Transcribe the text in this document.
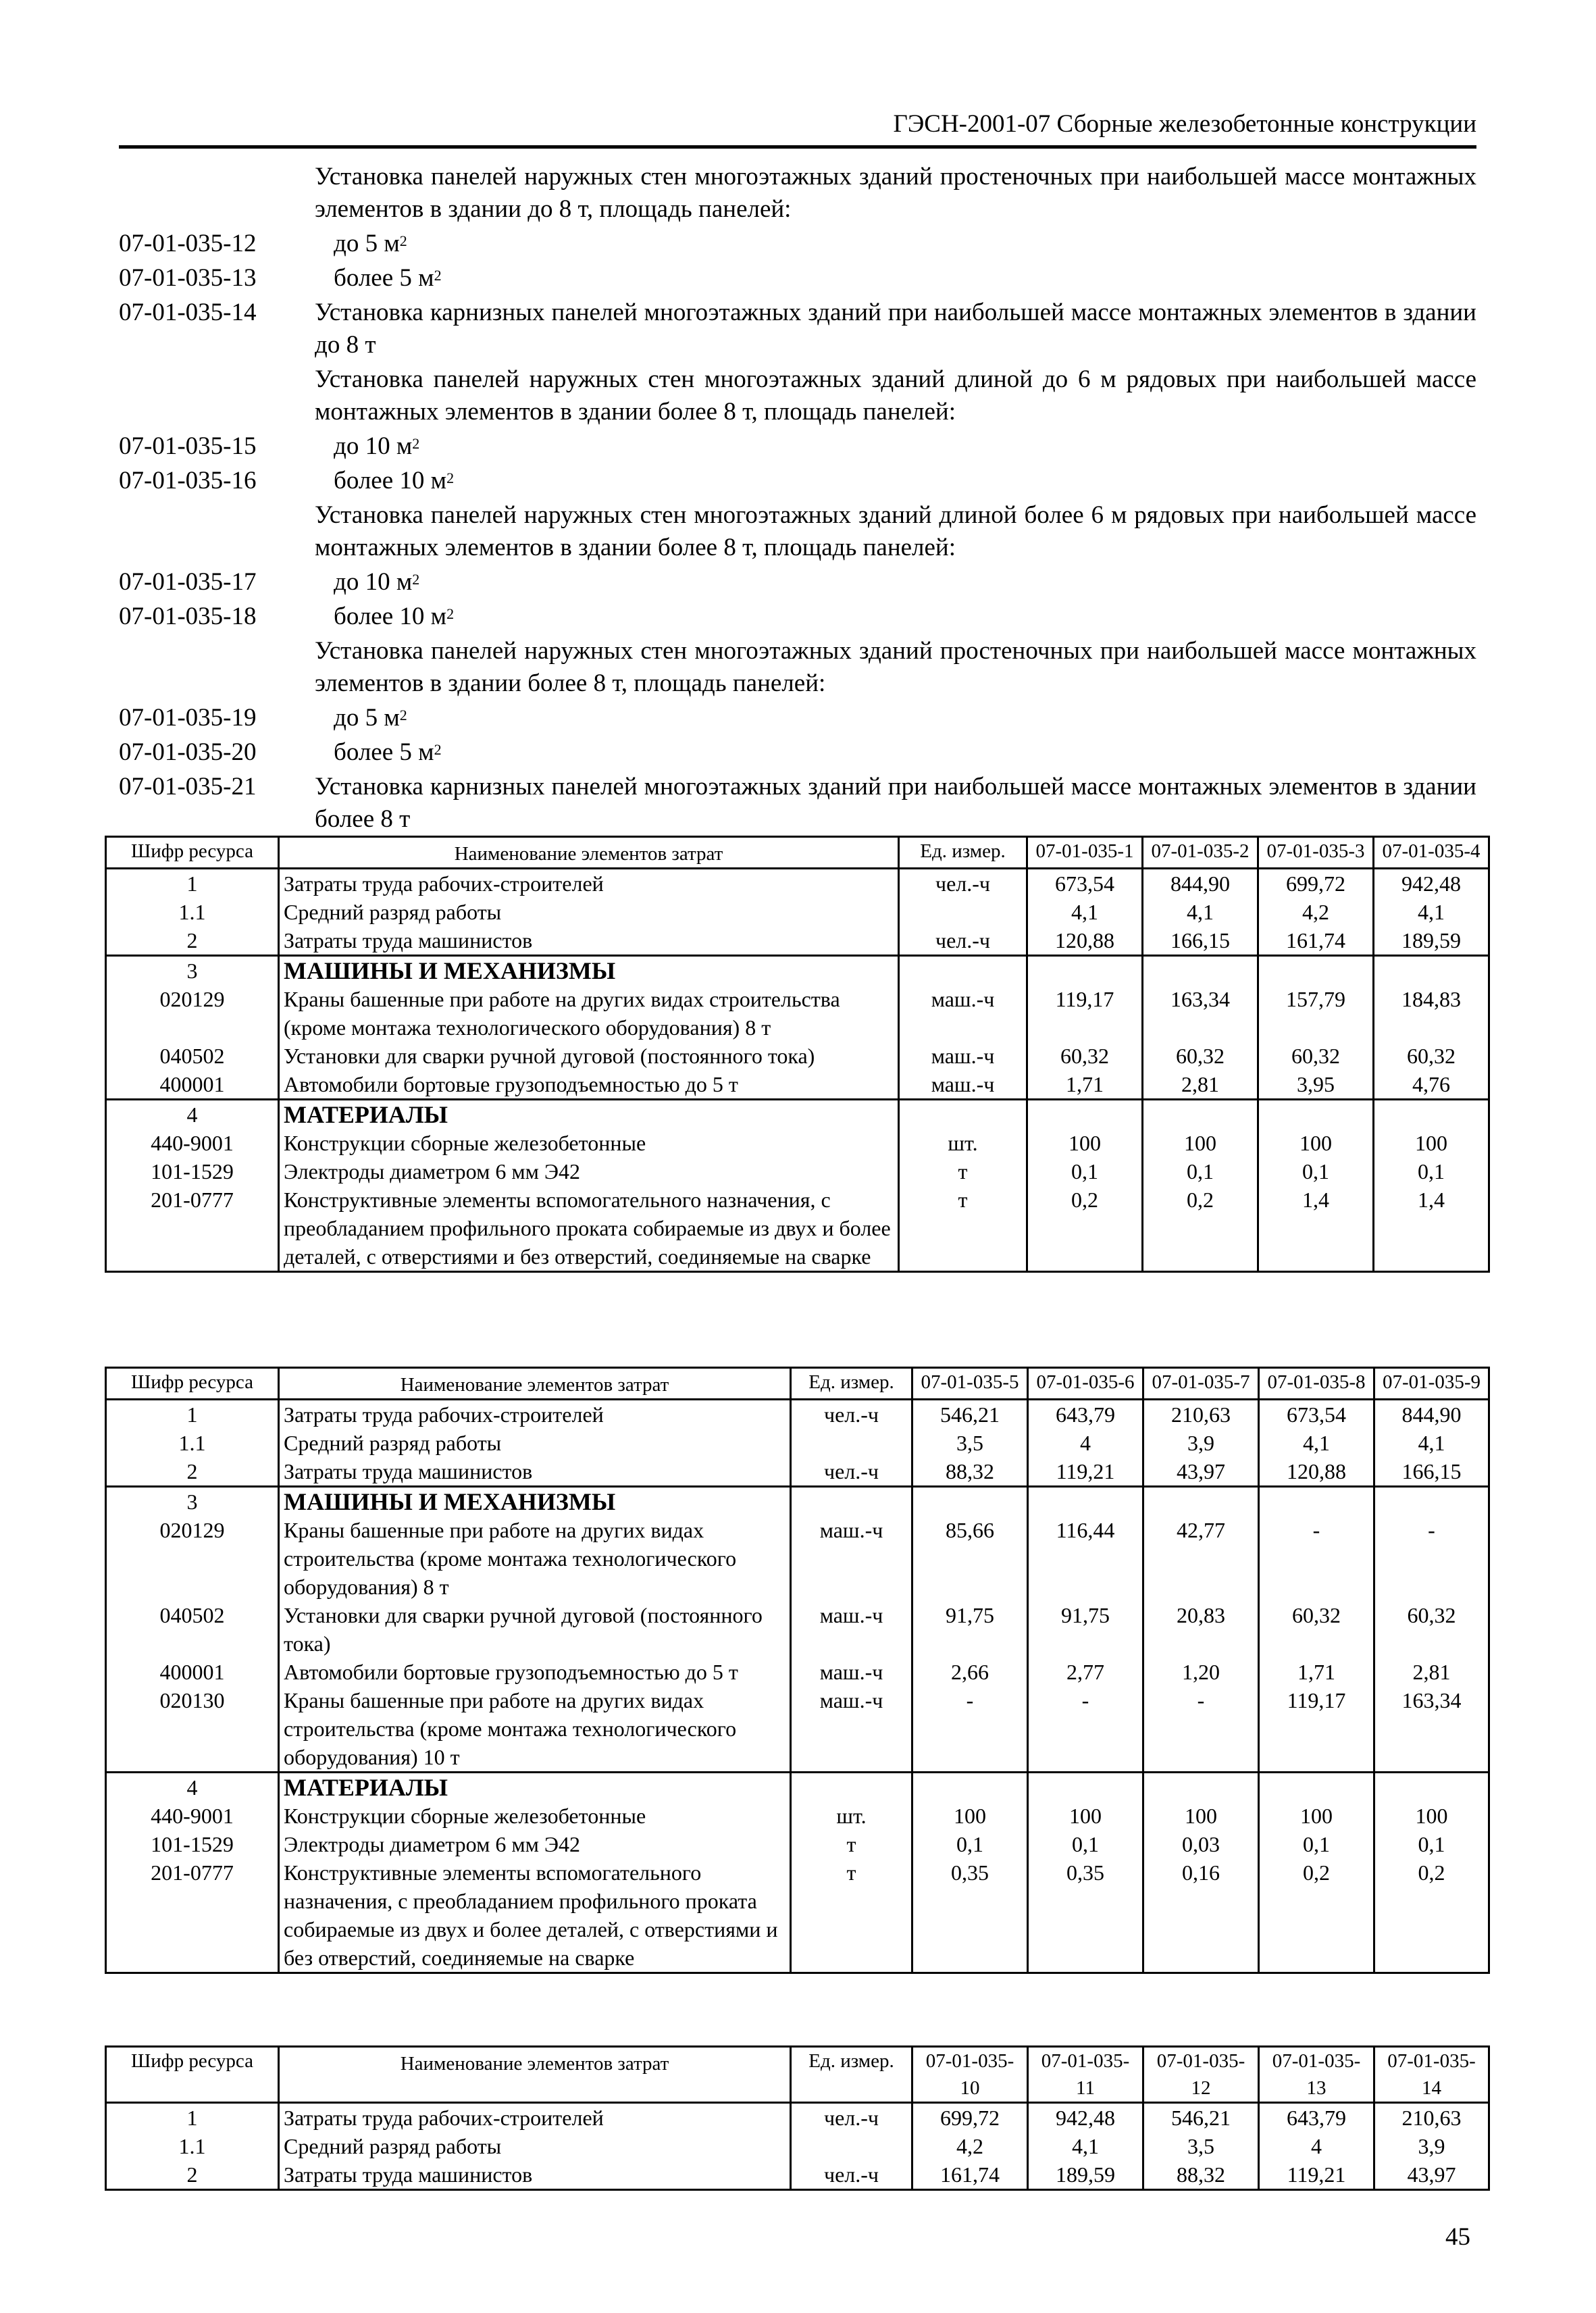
ГЭСН-2001-07 Сборные железобетонные конструкции
Установка панелей наружных стен многоэтажных зданий простеночных при наибольшей массе монтажных элементов в здании до 8 т, площадь панелей:
07-01-035-12	до 5 $м^2$
07-01-035-13	более 5 $м^2$
07-01-035-14	Установка карнизных панелей многоэтажных зданий при наибольшей массе монтажных элементов в здании до 8 т
Установка панелей наружных стен многоэтажных зданий длиной до 6 м рядовых при наибольшей массе монтажных элементов в здании более 8 т, площадь панелей:
07-01-035-15	до 10 $м^2$
07-01-035-16	более 10 $м^2$
Установка панелей наружных стен многоэтажных зданий длиной более 6 м рядовых при наибольшей массе монтажных элементов в здании более 8 т, площадь панелей:
07-01-035-17	до 10 $м^2$
07-01-035-18	более 10 $м^2$
Установка панелей наружных стен многоэтажных зданий простеночных при наибольшей массе монтажных элементов в здании более 8 т, площадь панелей:
07-01-035-19	до 5 $м^2$
07-01-035-20	более 5 $м^2$
07-01-035-21	Установка карнизных панелей многоэтажных зданий при наибольшей массе монтажных элементов в здании более 8 т
Шифр ресурса	Наименование элементов затрат	Ед. измер.	07-01-035-1	07-01-035-2	07-01-035-3	07-01-035-4
1	Затраты труда рабочих-строителей	чел.-ч	673,54	844,90	699,72	942,48
1.1	Средний разряд работы		4,1	4,1	4,2	4,1
2	Затраты труда машинистов	чел.-ч	120,88	166,15	161,74	189,59
3	МАШИНЫ И МЕХАНИЗМЫ					
020129	Краны башенные при работе на других видах строительства (кроме монтажа технологического оборудования) 8 т	маш.-ч	119,17	163,34	157,79	184,83
040502	Установки для сварки ручной дуговой (постоянного тока)	маш.-ч	60,32	60,32	60,32	60,32
400001	Автомобили бортовые грузоподъемностью до 5 т	маш.-ч	1,71	2,81	3,95	4,76
4	МАТЕРИАЛЫ					
440-9001	Конструкции сборные железобетонные	шт.	100	100	100	100
101-1529	Электроды диаметром 6 мм Э42	т	0,1	0,1	0,1	0,1
201-0777	Конструктивные элементы вспомогательного назначения, с преобладанием профильного проката собираемые из двух и более деталей, с отверстиями и без отверстий, соединяемые на сварке	т	0,2	0,2	1,4	1,4
Шифр ресурса	Наименование элементов затрат	Ед. измер.	07-01-035-5	07-01-035-6	07-01-035-7	07-01-035-8	07-01-035-9
1	Затраты труда рабочих-строителей	чел.-ч	546,21	643,79	210,63	673,54	844,90
1.1	Средний разряд работы		3,5	4	3,9	4,1	4,1
2	Затраты труда машинистов	чел.-ч	88,32	119,21	43,97	120,88	166,15
3	МАШИНЫ И МЕХАНИЗМЫ						
020129	Краны башенные при работе на других видах строительства (кроме монтажа технологического оборудования) 8 т	маш.-ч	85,66	116,44	42,77	-	-
040502	Установки для сварки ручной дуговой (постоянного тока)	маш.-ч	91,75	91,75	20,83	60,32	60,32
400001	Автомобили бортовые грузоподъемностью до 5 т	маш.-ч	2,66	2,77	1,20	1,71	2,81
020130	Краны башенные при работе на других видах строительства (кроме монтажа технологического оборудования) 10 т	маш.-ч	-	-	-	119,17	163,34
4	МАТЕРИАЛЫ						
440-9001	Конструкции сборные железобетонные	шт.	100	100	100	100	100
101-1529	Электроды диаметром 6 мм Э42	т	0,1	0,1	0,03	0,1	0,1
201-0777	Конструктивные элементы вспомогательного назначения, с преобладанием профильного проката собираемые из двух и более деталей, с отверстиями и без отверстий, соединяемые на сварке	т	0,35	0,35	0,16	0,2	0,2
Шифр ресурса	Наименование элементов затрат	Ед. измер.	07-01-035-10	07-01-035-11	07-01-035-12	07-01-035-13	07-01-035-14
1	Затраты труда рабочих-строителей	чел.-ч	699,72	942,48	546,21	643,79	210,63
1.1	Средний разряд работы		4,2	4,1	3,5	4	3,9
2	Затраты труда машинистов	чел.-ч	161,74	189,59	88,32	119,21	43,97
45
